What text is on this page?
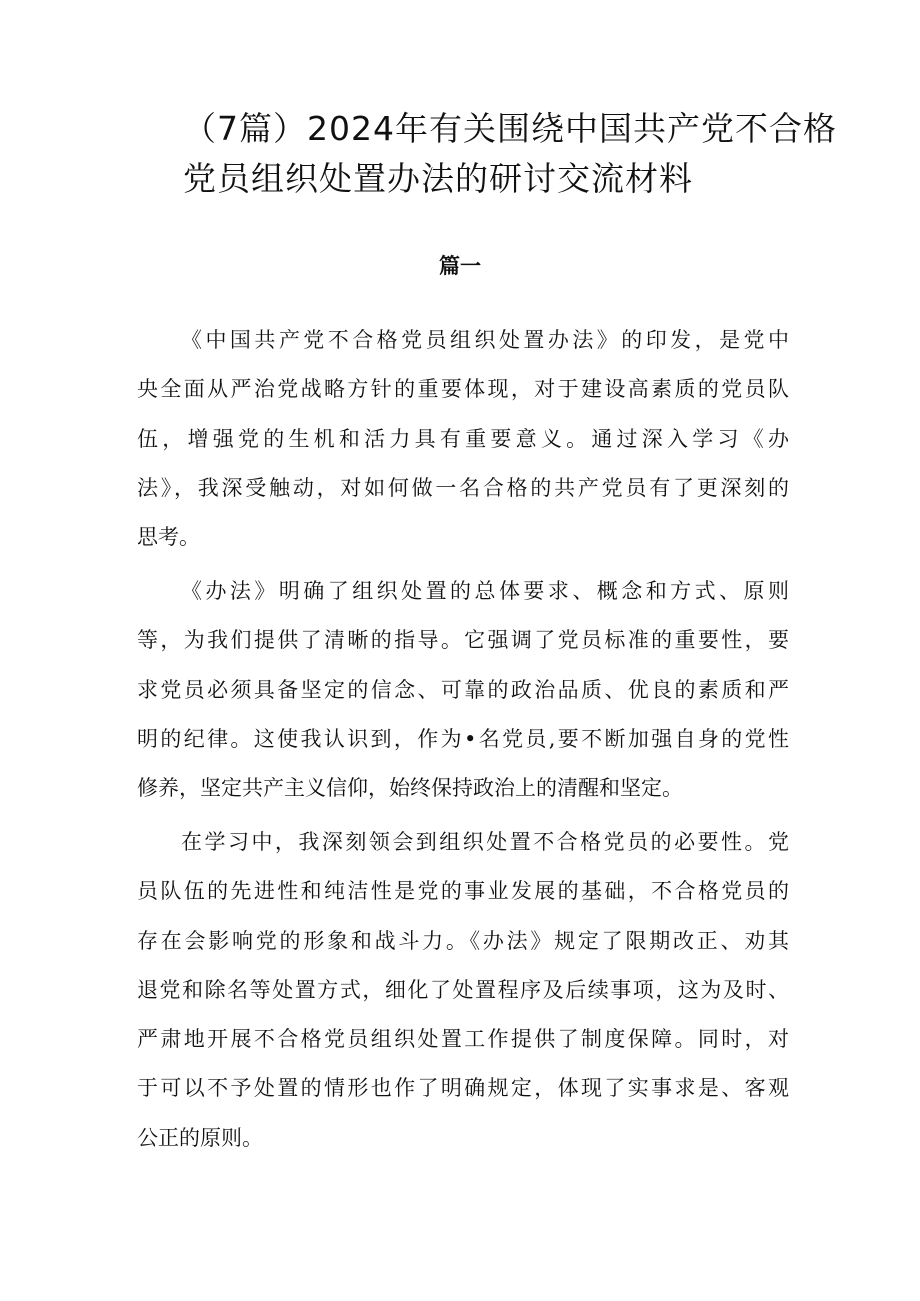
（7篇）2024年有关围绕中国共产党不合格
党员组织处置办法的研讨交流材料
篇一
《中国共产党不合格党员组织处置办法》的印发，是党中
央全面从严治党战略方针的重要体现，对于建设高素质的党员队
伍，增强党的生机和活力具有重要意义。通过深入学习《办
法》，我深受触动，对如何做一名合格的共产党员有了更深刻的
思考。
《办法》明确了组织处置的总体要求、概念和方式、原则
等，为我们提供了清晰的指导。它强调了党员标准的重要性，要
求党员必须具备坚定的信念、可靠的政治品质、优良的素质和严
明的纪律。这使我认识到，作为•名党员,要不断加强自身的党性
修养，坚定共产主义信仰，始终保持政治上的清醒和坚定。
在学习中，我深刻领会到组织处置不合格党员的必要性。党
员队伍的先进性和纯洁性是党的事业发展的基础，不合格党员的
存在会影响党的形象和战斗力。《办法》规定了限期改正、劝其
退党和除名等处置方式，细化了处置程序及后续事项，这为及时、
严肃地开展不合格党员组织处置工作提供了制度保障。同时，对
于可以不予处置的情形也作了明确规定，体现了实事求是、客观
公正的原则。
